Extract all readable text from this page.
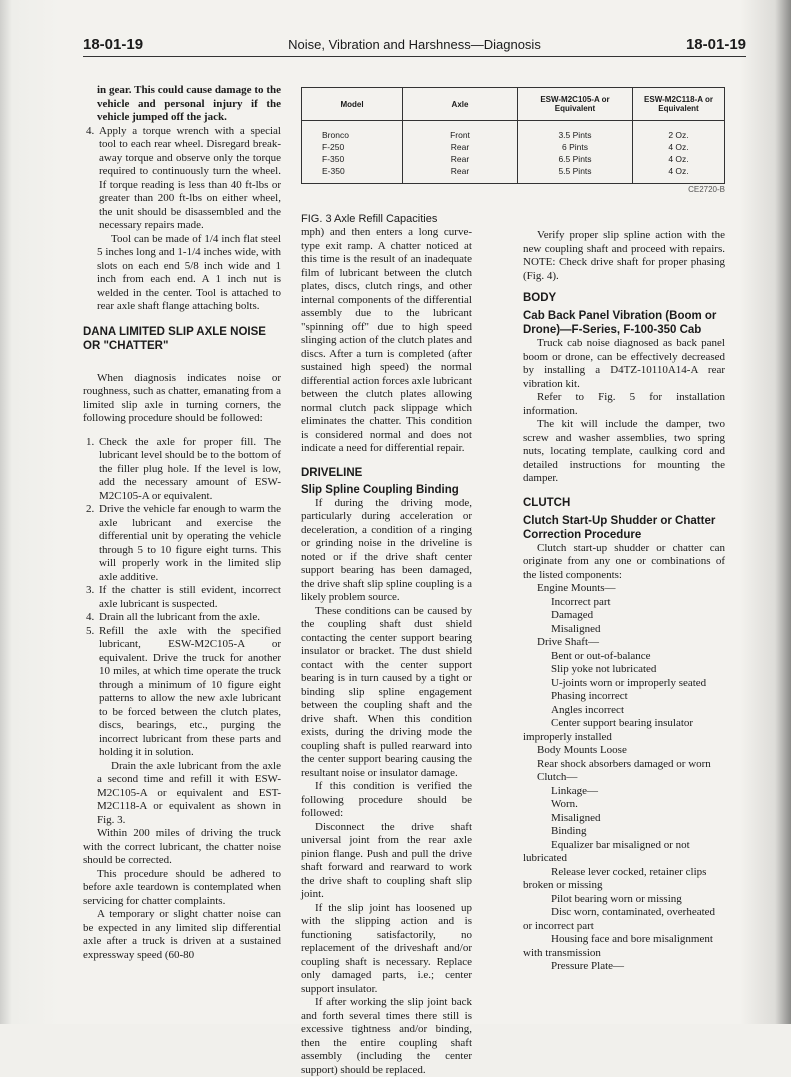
18-01-19	Noise, Vibration and Harshness—Diagnosis	18-01-19

in gear. This could cause damage to the vehicle and personal injury if the vehicle jumped off the jack.

4. Apply a torque wrench with a special tool to each rear wheel. Disregard break-away torque and observe only the torque required to continuously turn the wheel. If torque reading is less than 40 ft-lbs or greater than 200 ft-lbs on either wheel, the unit should be disassembled and the necessary repairs made.

Tool can be made of 1/4 inch flat steel 5 inches long and 1-1/4 inches wide, with slots on each end 5/8 inch wide and 1 inch from each end. A 1 inch nut is welded in the center. Tool is attached to rear axle shaft flange attaching bolts.

DANA LIMITED SLIP AXLE NOISE OR "CHATTER"

When diagnosis indicates noise or roughness, such as chatter, emanating from a limited slip axle in turning corners, the following procedure should be followed:

1. Check the axle for proper fill. The lubricant level should be to the bottom of the filler plug hole. If the level is low, add the necessary amount of ESW-M2C105-A or equivalent.
2. Drive the vehicle far enough to warm the axle lubricant and exercise the differential unit by operating the vehicle through 5 to 10 figure eight turns. This will properly work in the limited slip axle additive.
3. If the chatter is still evident, incorrect axle lubricant is suspected.
4. Drain all the lubricant from the axle.
5. Refill the axle with the specified lubricant, ESW-M2C105-A or equivalent. Drive the truck for another 10 miles, at which time operate the truck through a minimum of 10 figure eight patterns to allow the new axle lubricant to be forced between the clutch plates, discs, bearings, etc., purging the incorrect lubricant from these parts and holding it in solution.

Drain the axle lubricant from the axle a second time and refill it with ESW-M2C105-A or equivalent and EST-M2C118-A or equivalent as shown in Fig. 3.

Within 200 miles of driving the truck with the correct lubricant, the chatter noise should be corrected.

This procedure should be adhered to before axle teardown is contemplated when servicing for chatter complaints.

A temporary or slight chatter noise can be expected in any limited slip differential axle after a truck is driven at a sustained expressway speed (60-80

Model	Axle	ESW-M2C105-A or Equivalent	ESW-M2C118-A or Equivalent
Bronco	Front	3.5 Pints	2 Oz.
F-250	Rear	6 Pints	4 Oz.
F-350	Rear	6.5 Pints	4 Oz.
E-350	Rear	5.5 Pints	4 Oz.
CE2720-B
FIG. 3 Axle Refill Capacities

mph) and then enters a long curve-type exit ramp. A chatter noticed at this time is the result of an inadequate film of lubricant between the clutch plates, discs, clutch rings, and other internal components of the differential assembly due to the lubricant "spinning off" due to high speed slinging action of the clutch plates and discs. After a turn is completed (after sustained high speed) the normal differential action forces axle lubricant between the clutch plates allowing normal clutch pack slippage which eliminates the chatter. This condition is considered normal and does not indicate a need for differential repair.

DRIVELINE

Slip Spline Coupling Binding

If during the driving mode, particularly during acceleration or deceleration, a condition of a ringing or grinding noise in the driveline is noted or if the drive shaft center support bearing has been damaged, the drive shaft slip spline coupling is a likely problem source.

These conditions can be caused by the coupling shaft dust shield contacting the center support bearing insulator or bracket. The dust shield contact with the center support bearing is in turn caused by a tight or binding slip spline engagement between the coupling shaft and the drive shaft. When this condition exists, during the driving mode the coupling shaft is pulled rearward into the center support bearing causing the resultant noise or insulator damage.

If this condition is verified the following procedure should be followed:

Disconnect the drive shaft universal joint from the rear axle pinion flange. Push and pull the drive shaft forward and rearward to work the drive shaft to coupling shaft slip joint.

If the slip joint has loosened up with the slipping action and is functioning satisfactorily, no replacement of the driveshaft and/or coupling shaft is necessary. Replace only damaged parts, i.e.; center support insulator.

If after working the slip joint back and forth several times there still is excessive tightness and/or binding, then the entire coupling shaft assembly (including the center support) should be replaced.

Verify proper slip spline action with the new coupling shaft and proceed with repairs. NOTE: Check drive shaft for proper phasing (Fig. 4).

BODY

Cab Back Panel Vibration (Boom or Drone)—F-Series, F-100-350 Cab

Truck cab noise diagnosed as back panel boom or drone, can be effectively decreased by installing a D4TZ-10110A14-A rear vibration kit.

Refer to Fig. 5 for installation information.

The kit will include the damper, two screw and washer assemblies, two spring nuts, locating template, caulking cord and detailed instructions for mounting the damper.

CLUTCH

Clutch Start-Up Shudder or Chatter Correction Procedure

Clutch start-up shudder or chatter can originate from any one or combinations of the listed components:

Engine Mounts—
Incorrect part
Damaged
Misaligned
Drive Shaft—
Bent or out-of-balance
Slip yoke not lubricated
U-joints worn or improperly seated
Phasing incorrect
Angles incorrect
Center support bearing insulator improperly installed
Body Mounts Loose
Rear shock absorbers damaged or worn
Clutch—
Linkage—
Worn.
Misaligned
Binding
Equalizer bar misaligned or not lubricated
Release lever cocked, retainer clips broken or missing
Pilot bearing worn or missing
Disc worn, contaminated, overheated or incorrect part
Housing face and bore misalignment with transmission
Pressure Plate—
